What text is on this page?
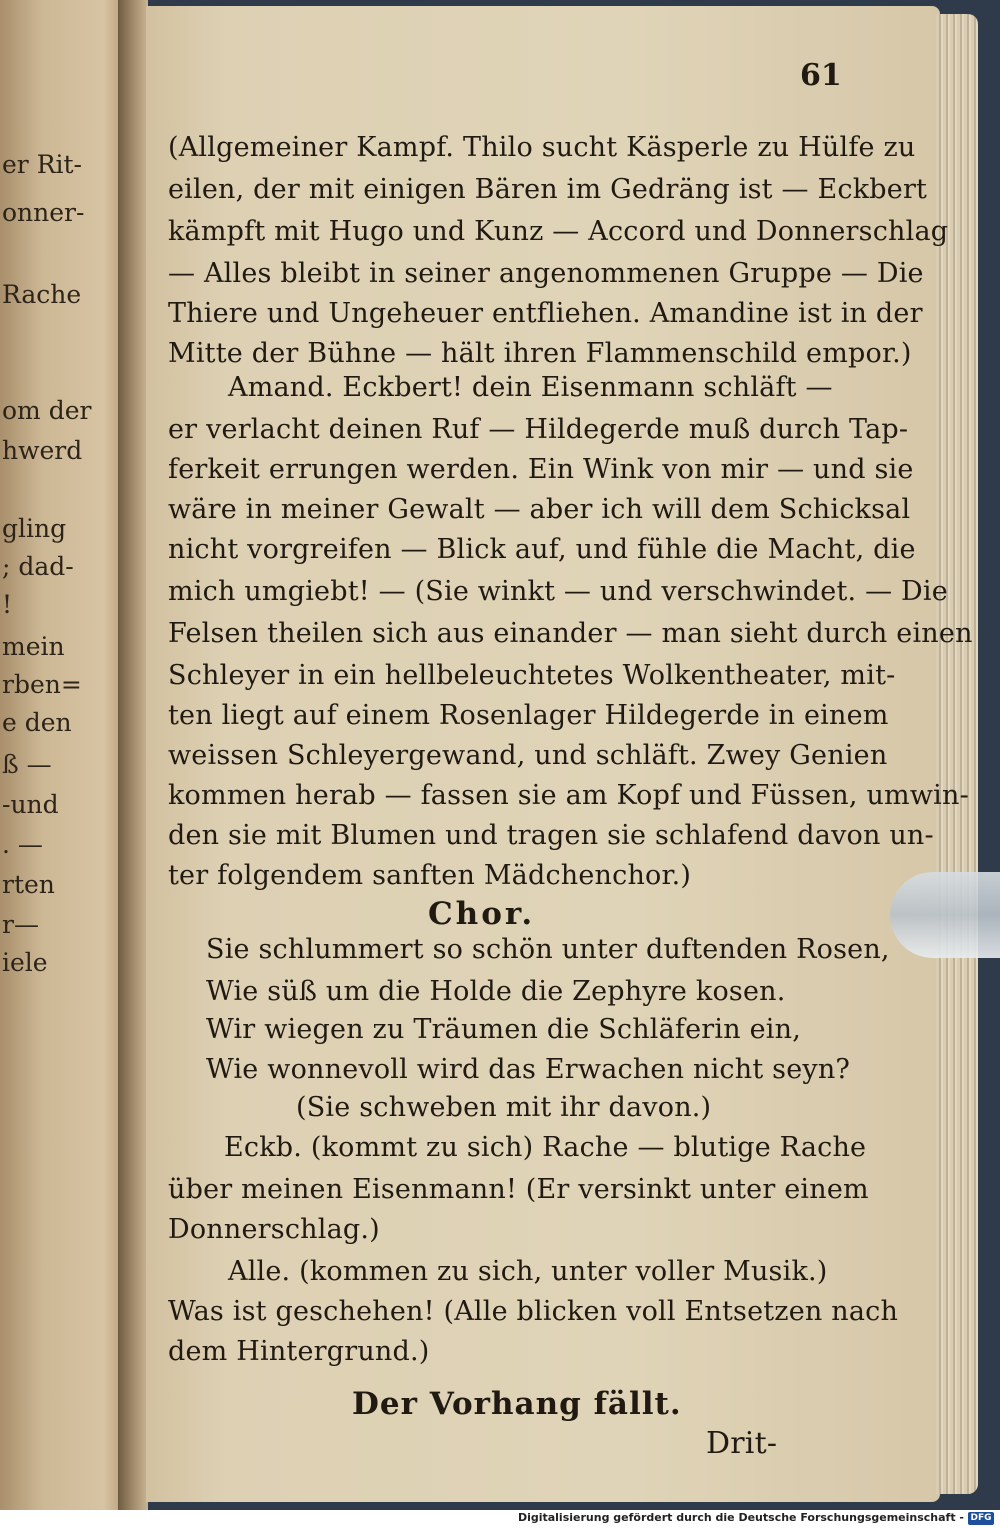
er Rit-
onner-
Rache
om der
hwerd
gling
; dad-
!
mein
rben=
e den
ß —
-und
. —
rten
r—
iele
61
(Allgemeiner Kampf. Thilo sucht Käsperle zu Hülfe zu
eilen, der mit einigen Bären im Gedräng ist — Eckbert
kämpft mit Hugo und Kunz — Accord und Donnerschlag
— Alles bleibt in seiner angenommenen Gruppe — Die
Thiere und Ungeheuer entfliehen. Amandine ist in der
Mitte der Bühne — hält ihren Flammenschild empor.)
Amand. Eckbert! dein Eisenmann schläft —
er verlacht deinen Ruf — Hildegerde muß durch Tap-
ferkeit errungen werden. Ein Wink von mir — und sie
wäre in meiner Gewalt — aber ich will dem Schicksal
nicht vorgreifen — Blick auf, und fühle die Macht, die
mich umgiebt! — (Sie winkt — und verschwindet. — Die
Felsen theilen sich aus einander — man sieht durch einen
Schleyer in ein hellbeleuchtetes Wolkentheater, mit-
ten liegt auf einem Rosenlager Hildegerde in einem
weissen Schleyergewand, und schläft. Zwey Genien
kommen herab — fassen sie am Kopf und Füssen, umwin-
den sie mit Blumen und tragen sie schlafend davon un-
ter folgendem sanften Mädchenchor.)
Chor.
Sie schlummert so schön unter duftenden Rosen,
Wie süß um die Holde die Zephyre kosen.
Wir wiegen zu Träumen die Schläferin ein,
Wie wonnevoll wird das Erwachen nicht seyn?
(Sie schweben mit ihr davon.)
Eckb. (kommt zu sich) Rache — blutige Rache
über meinen Eisenmann! (Er versinkt unter einem
Donnerschlag.)
Alle. (kommen zu sich, unter voller Musik.)
Was ist geschehen! (Alle blicken voll Entsetzen nach
dem Hintergrund.)
Der Vorhang fällt.
Drit-
Digitalisierung gefördert durch die Deutsche Forschungsgemeinschaft - DFG
